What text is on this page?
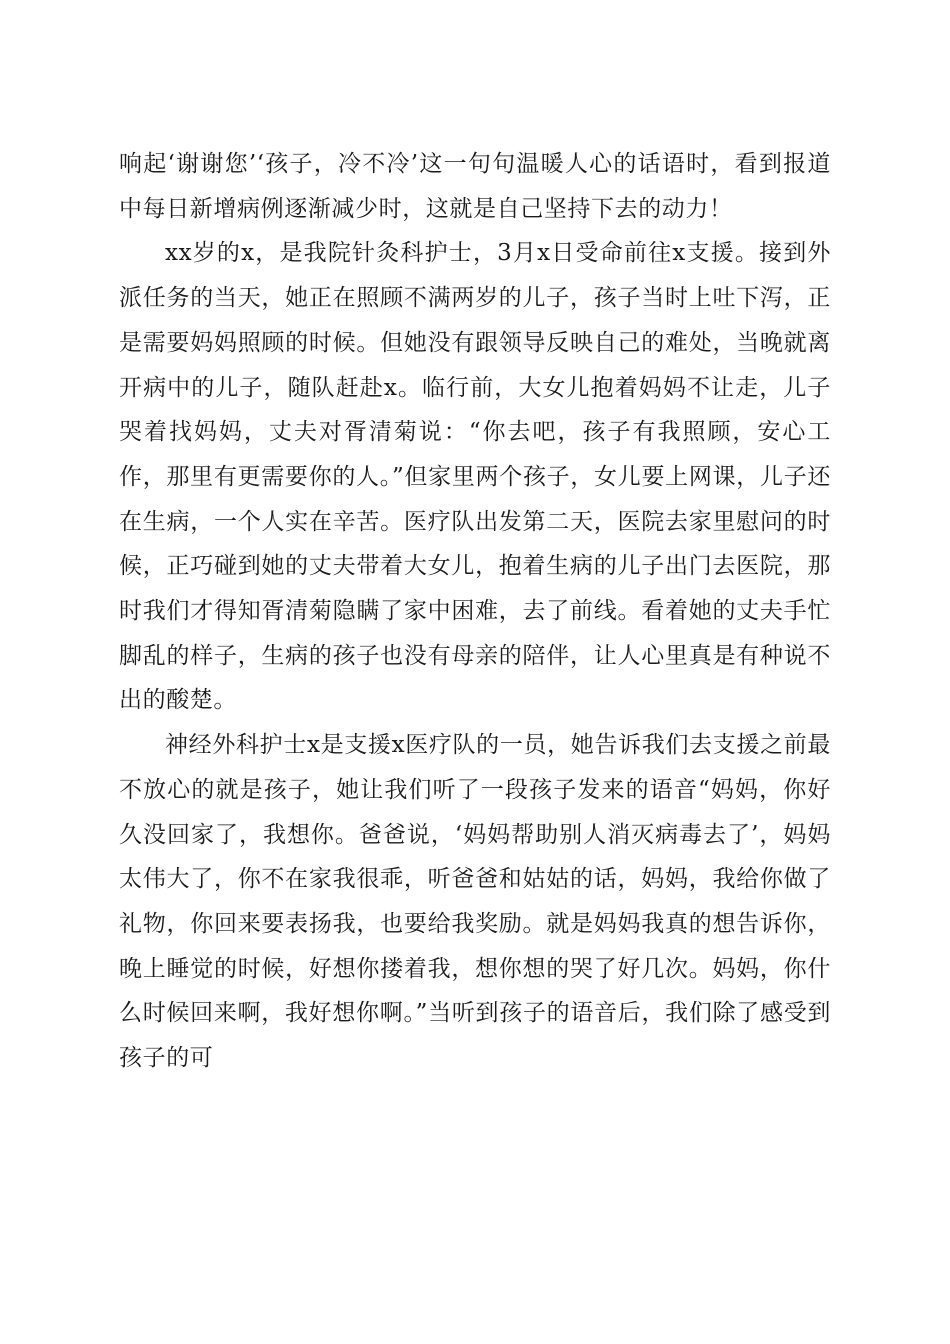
响起‘谢谢您’‘孩子，冷不冷’这一句句温暖人心的话语时，看到报道中每日新增病例逐渐减少时，这就是自己坚持下去的动力！

xx岁的x，是我院针灸科护士，3月x日受命前往x支援。接到外派任务的当天，她正在照顾不满两岁的儿子，孩子当时上吐下泻，正是需要妈妈照顾的时候。但她没有跟领导反映自己的难处，当晚就离开病中的儿子，随队赶赴x。临行前，大女儿抱着妈妈不让走，儿子哭着找妈妈，丈夫对胥清菊说：“你去吧，孩子有我照顾，安心工作，那里有更需要你的人。”但家里两个孩子，女儿要上网课，儿子还在生病，一个人实在辛苦。医疗队出发第二天，医院去家里慰问的时候，正巧碰到她的丈夫带着大女儿，抱着生病的儿子出门去医院，那时我们才得知胥清菊隐瞒了家中困难，去了前线。看着她的丈夫手忙脚乱的样子，生病的孩子也没有母亲的陪伴，让人心里真是有种说不出的酸楚。

神经外科护士x是支援x医疗队的一员，她告诉我们去支援之前最不放心的就是孩子，她让我们听了一段孩子发来的语音“妈妈，你好久没回家了，我想你。爸爸说，‘妈妈帮助别人消灭病毒去了’，妈妈太伟大了，你不在家我很乖，听爸爸和姑姑的话，妈妈，我给你做了礼物，你回来要表扬我，也要给我奖励。就是妈妈我真的想告诉你，晚上睡觉的时候，好想你搂着我，想你想的哭了好几次。妈妈，你什么时候回来啊，我好想你啊。”当听到孩子的语音后，我们除了感受到孩子的可
